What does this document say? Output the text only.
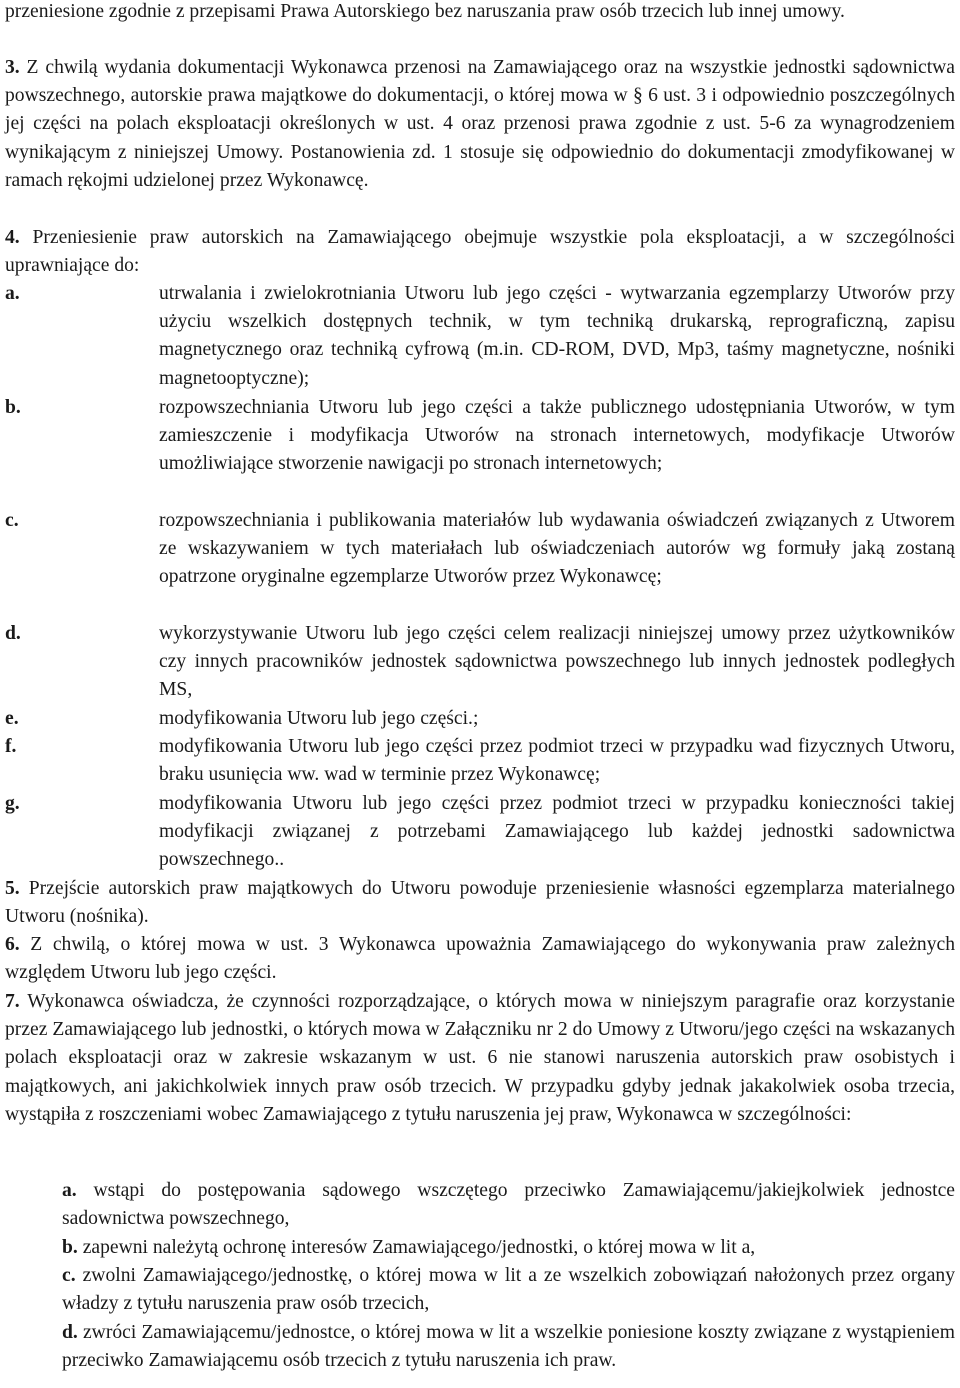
przeniesione zgodnie z przepisami Prawa Autorskiego bez naruszania praw osób trzecich lub innej umowy.

3. Z chwilą wydania dokumentacji Wykonawca przenosi na Zamawiającego oraz na wszystkie jednostki sądownictwa powszechnego, autorskie prawa majątkowe do dokumentacji, o której mowa w § 6 ust. 3 i odpowiednio poszczególnych jej części na polach eksploatacji określonych w ust. 4 oraz przenosi prawa zgodnie z ust. 5-6 za wynagrodzeniem wynikającym z niniejszej Umowy. Postanowienia zd. 1 stosuje się odpowiednio do dokumentacji zmodyfikowanej w ramach rękojmi udzielonej przez Wykonawcę.

4. Przeniesienie praw autorskich na Zamawiającego obejmuje wszystkie pola eksploatacji, a w szczególności uprawniające do:

a.	utrwalania i zwielokrotniania Utworu lub jego części - wytwarzania egzemplarzy Utworów przy użyciu wszelkich dostępnych technik, w tym techniką drukarską, reprograficzną, zapisu magnetycznego oraz techniką cyfrową (m.in. CD-ROM, DVD, Mp3, taśmy magnetyczne, nośniki magnetooptyczne);
b.	rozpowszechniania Utworu lub jego części a także publicznego udostępniania Utworów, w tym zamieszczenie i modyfikacja Utworów na stronach internetowych, modyfikacje Utworów umożliwiające stworzenie nawigacji po stronach internetowych;
c.	rozpowszechniania i publikowania materiałów lub wydawania oświadczeń związanych z Utworem ze wskazywaniem w tych materiałach lub oświadczeniach autorów wg formuły jaką zostaną opatrzone oryginalne egzemplarze Utworów przez Wykonawcę;
d.	wykorzystywanie Utworu lub jego części celem realizacji niniejszej umowy przez użytkowników czy innych pracowników jednostek sądownictwa powszechnego lub innych jednostek podległych MS,
e.	modyfikowania Utworu lub jego części.;
f.	modyfikowania Utworu lub jego części przez podmiot trzeci w przypadku wad fizycznych Utworu, braku usunięcia ww. wad w terminie przez Wykonawcę;
g.	modyfikowania Utworu lub jego części przez podmiot trzeci w przypadku konieczności takiej modyfikacji związanej z potrzebami Zamawiającego lub każdej jednostki sadownictwa powszechnego..

5. Przejście autorskich praw majątkowych do Utworu powoduje przeniesienie własności egzemplarza materialnego Utworu (nośnika).

6. Z chwilą, o której mowa w ust. 3 Wykonawca upoważnia Zamawiającego do wykonywania praw zależnych względem Utworu lub jego części.

7. Wykonawca oświadcza, że czynności rozporządzające, o których mowa w niniejszym paragrafie oraz korzystanie przez Zamawiającego lub jednostki, o których mowa w Załączniku nr 2 do Umowy z Utworu/jego części na wskazanych polach eksploatacji oraz w zakresie wskazanym w ust. 6 nie stanowi naruszenia autorskich praw osobistych i majątkowych, ani jakichkolwiek innych praw osób trzecich. W przypadku gdyby jednak jakakolwiek osoba trzecia, wystąpiła z roszczeniami wobec Zamawiającego z tytułu naruszenia jej praw, Wykonawca w szczególności:

a. wstąpi do postępowania sądowego wszczętego przeciwko Zamawiającemu/jakiejkolwiek jednostce sadownictwa powszechnego,

b. zapewni należytą ochronę interesów Zamawiającego/jednostki, o której mowa w lit a,

c. zwolni Zamawiającego/jednostkę, o której mowa w lit a ze wszelkich zobowiązań nałożonych przez organy władzy z tytułu naruszenia praw osób trzecich,

d. zwróci Zamawiającemu/jednostce, o której mowa w lit a wszelkie poniesione koszty związane z wystąpieniem przeciwko Zamawiającemu osób trzecich z tytułu naruszenia ich praw.
